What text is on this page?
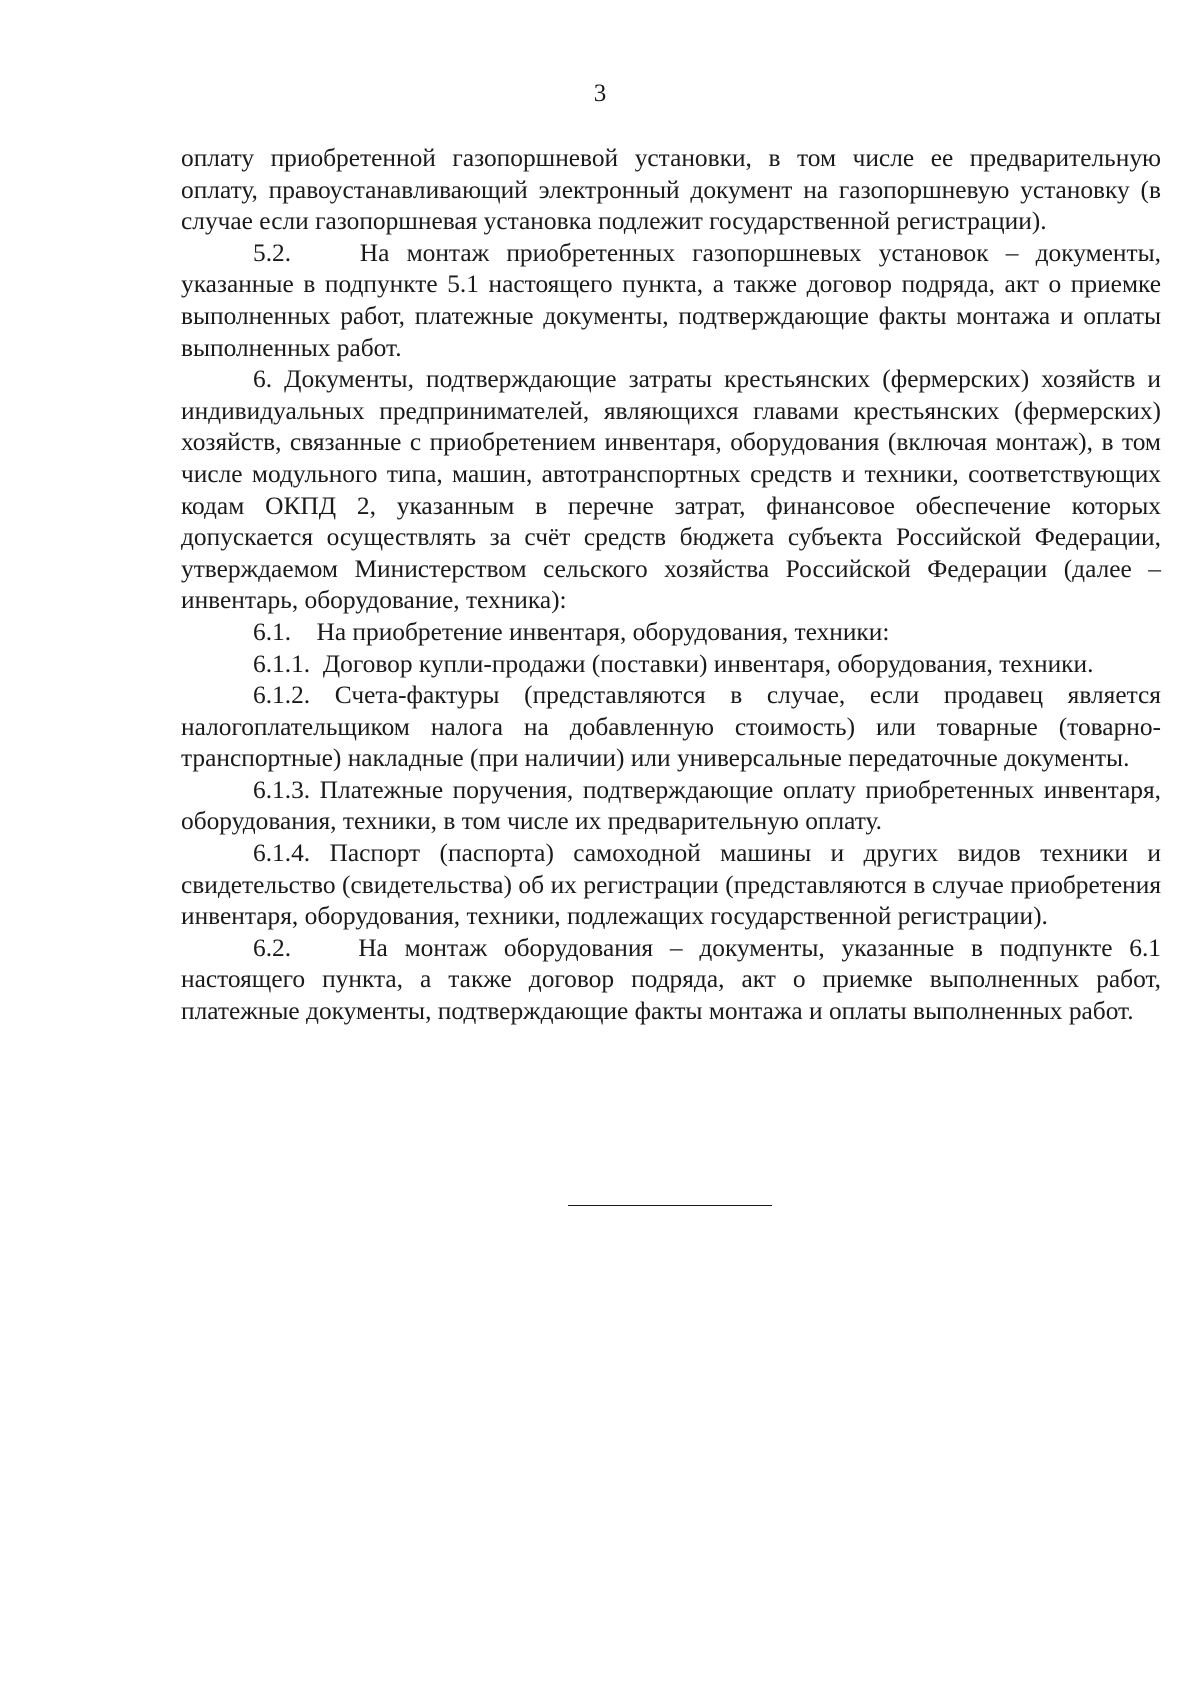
3

оплату приобретенной газопоршневой установки, в том числе ее предварительную оплату, правоустанавливающий электронный документ на газопоршневую установку (в случае если газопоршневая установка подлежит государственной регистрации).

5.2.    На монтаж приобретенных газопоршневых установок – документы, указанные в подпункте 5.1 настоящего пункта, а также договор подряда, акт о приемке выполненных работ, платежные документы, подтверждающие факты монтажа и оплаты выполненных работ.

6. Документы, подтверждающие затраты крестьянских (фермерских) хозяйств и индивидуальных предпринимателей, являющихся главами крестьянских (фермерских) хозяйств, связанные с приобретением инвентаря, оборудования (включая монтаж), в том числе модульного типа, машин, автотранспортных средств и техники, соответствующих кодам ОКПД 2, указанным в перечне затрат, финансовое обеспечение которых допускается осуществлять за счёт средств бюджета субъекта Российской Федерации, утверждаемом Министерством сельского хозяйства Российской Федерации (далее – инвентарь, оборудование, техника):

6.1.    На приобретение инвентаря, оборудования, техники:

6.1.1.  Договор купли-продажи (поставки) инвентаря, оборудования, техники.

6.1.2. Счета-фактуры (представляются в случае, если продавец является налогоплательщиком налога на добавленную стоимость) или товарные (товарно-транспортные) накладные (при наличии) или универсальные передаточные документы.

6.1.3. Платежные поручения, подтверждающие оплату приобретенных инвентаря, оборудования, техники, в том числе их предварительную оплату.

6.1.4. Паспорт (паспорта) самоходной машины и других видов техники и свидетельство (свидетельства) об их регистрации (представляются в случае приобретения инвентаря, оборудования, техники, подлежащих государственной регистрации).

6.2.    На монтаж оборудования – документы, указанные в подпункте 6.1 настоящего пункта, а также договор подряда, акт о приемке выполненных работ, платежные документы, подтверждающие факты монтажа и оплаты выполненных работ.
